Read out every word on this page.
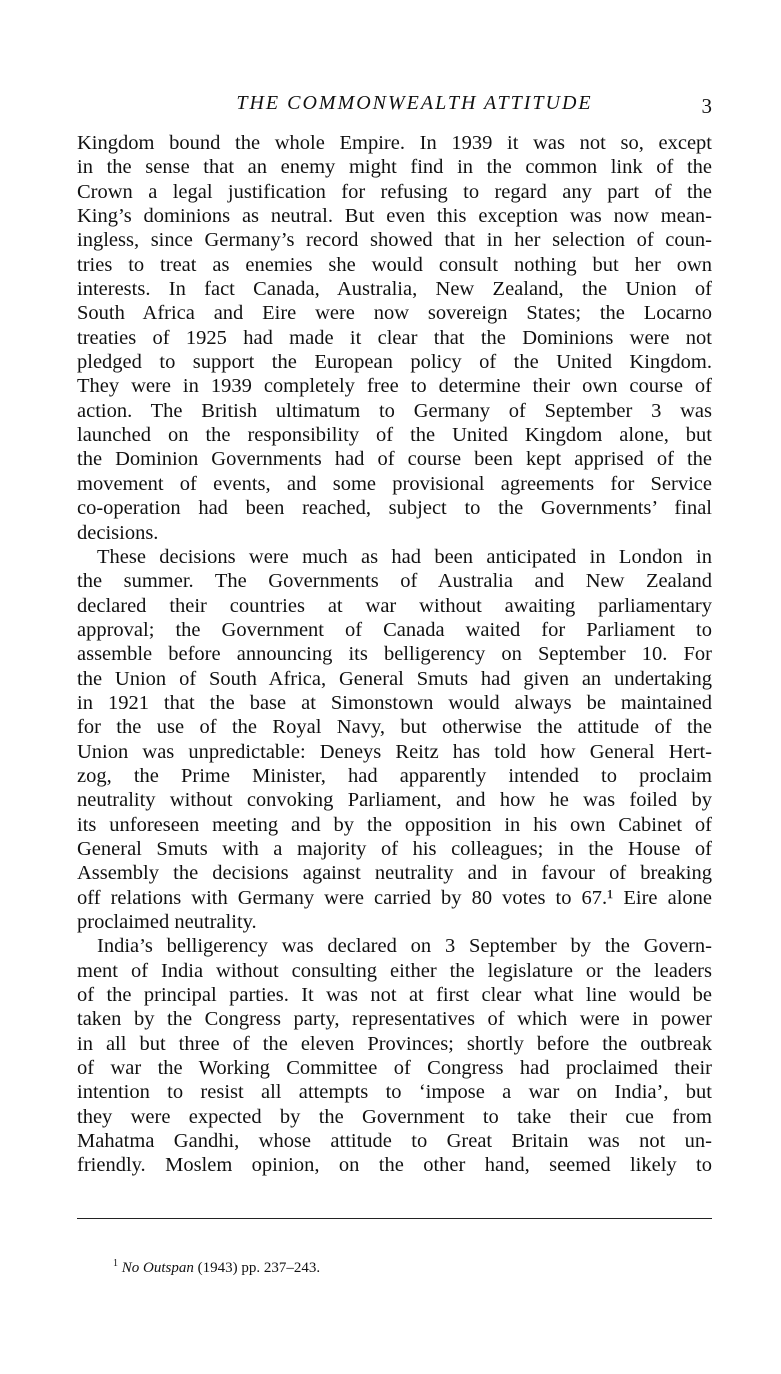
THE COMMONWEALTH ATTITUDE	3
Kingdom bound the whole Empire. In 1939 it was not so, except
in the sense that an enemy might find in the common link of the
Crown a legal justification for refusing to regard any part of the
King’s dominions as neutral. But even this exception was now mean-
ingless, since Germany’s record showed that in her selection of coun-
tries to treat as enemies she would consult nothing but her own
interests. In fact Canada, Australia, New Zealand, the Union of
South Africa and Eire were now sovereign States; the Locarno
treaties of 1925 had made it clear that the Dominions were not
pledged to support the European policy of the United Kingdom.
They were in 1939 completely free to determine their own course of
action. The British ultimatum to Germany of September 3 was
launched on the responsibility of the United Kingdom alone, but
the Dominion Governments had of course been kept apprised of the
movement of events, and some provisional agreements for Service
co-operation had been reached, subject to the Governments’ final
decisions.
These decisions were much as had been anticipated in London in
the summer. The Governments of Australia and New Zealand
declared their countries at war without awaiting parliamentary
approval; the Government of Canada waited for Parliament to
assemble before announcing its belligerency on September 10. For
the Union of South Africa, General Smuts had given an undertaking
in 1921 that the base at Simonstown would always be maintained
for the use of the Royal Navy, but otherwise the attitude of the
Union was unpredictable: Deneys Reitz has told how General Hert-
zog, the Prime Minister, had apparently intended to proclaim
neutrality without convoking Parliament, and how he was foiled by
its unforeseen meeting and by the opposition in his own Cabinet of
General Smuts with a majority of his colleagues; in the House of
Assembly the decisions against neutrality and in favour of breaking
off relations with Germany were carried by 80 votes to 67.¹ Eire alone
proclaimed neutrality.
India’s belligerency was declared on 3 September by the Govern-
ment of India without consulting either the legislature or the leaders
of the principal parties. It was not at first clear what line would be
taken by the Congress party, representatives of which were in power
in all but three of the eleven Provinces; shortly before the outbreak
of war the Working Committee of Congress had proclaimed their
intention to resist all attempts to ‘impose a war on India’, but
they were expected by the Government to take their cue from
Mahatma Gandhi, whose attitude to Great Britain was not un-
friendly. Moslem opinion, on the other hand, seemed likely to
$^1$ No Outspan (1943) pp. 237–243.
